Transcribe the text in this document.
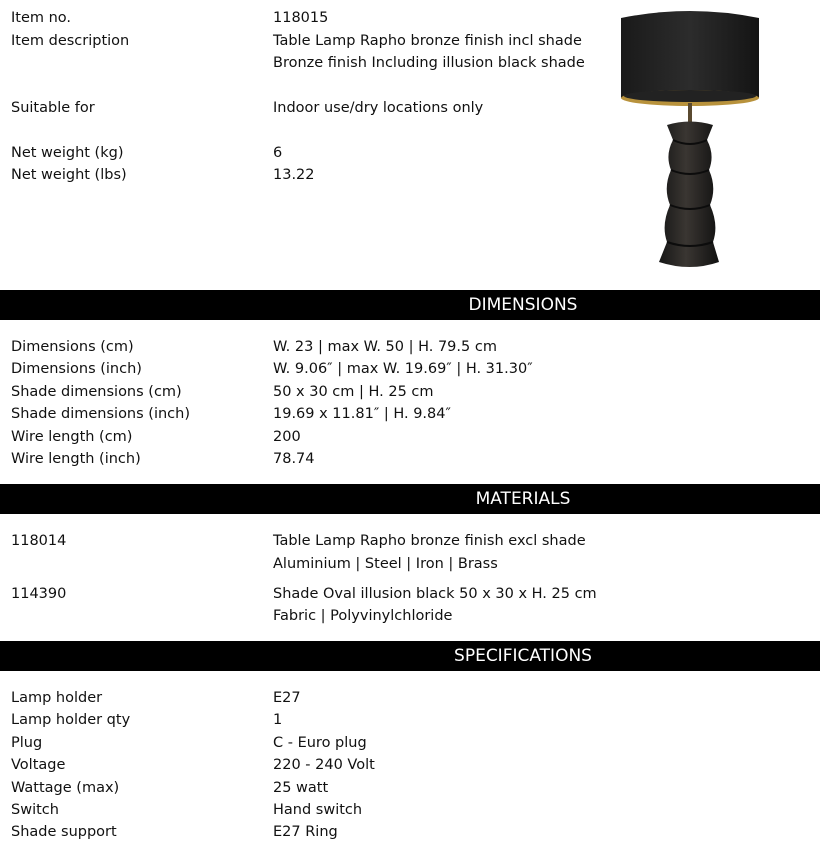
Item no.	118015
Item description	Table Lamp Rapho bronze finish incl shade
Bronze finish Including illusion black shade
Suitable for	Indoor use/dry locations only
Net weight (kg)	6
Net weight (lbs)	13.22
DIMENSIONS
Dimensions (cm)	W. 23 | max W. 50 | H. 79.5 cm
Dimensions (inch)	W. 9.06″ | max W. 19.69″ | H. 31.30″
Shade dimensions (cm)	50 x 30 cm | H. 25 cm
Shade dimensions (inch)	19.69 x 11.81″ | H. 9.84″
Wire length (cm)	200
Wire length (inch)	78.74
MATERIALS
118014	Table Lamp Rapho bronze finish excl shade
Aluminium | Steel | Iron | Brass
114390	Shade Oval illusion black 50 x 30 x H. 25 cm
Fabric | Polyvinylchloride
SPECIFICATIONS
Lamp holder	E27
Lamp holder qty	1
Plug	C - Euro plug
Voltage	220 - 240 Volt
Wattage (max)	25 watt
Switch	Hand switch
Shade support	E27 Ring
